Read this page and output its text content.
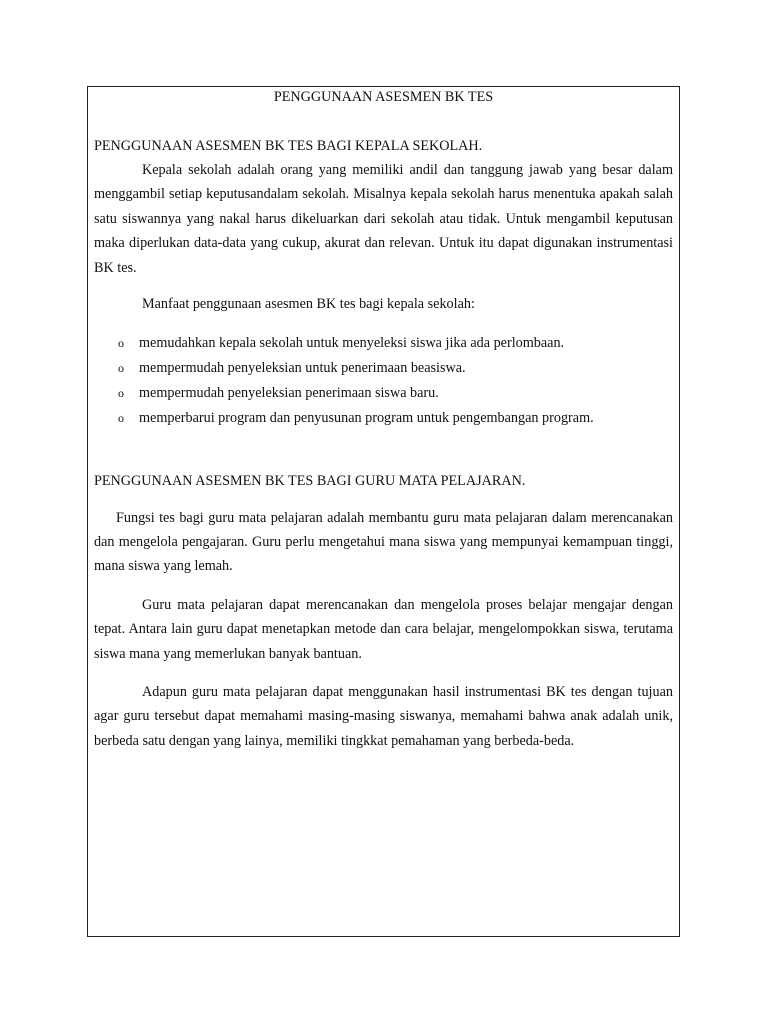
PENGGUNAAN ASESMEN BK TES
PENGGUNAAN ASESMEN BK TES BAGI KEPALA SEKOLAH.

Kepala sekolah adalah orang yang memiliki andil dan tanggung jawab yang besar dalam menggambil setiap keputusandalam sekolah. Misalnya kepala sekolah harus menentuka apakah salah satu siswannya yang nakal harus dikeluarkan dari sekolah atau tidak. Untuk mengambil keputusan maka diperlukan data-data yang cukup, akurat dan relevan. Untuk itu dapat digunakan instrumentasi BK tes.

Manfaat penggunaan asesmen BK tes bagi kepala sekolah:

o memudahkan kepala sekolah untuk menyeleksi siswa jika ada perlombaan.
o mempermudah penyeleksian untuk penerimaan beasiswa.
o mempermudah penyeleksian penerimaan siswa baru.
o memperbarui program dan penyusunan program untuk pengembangan program.
PENGGUNAAN ASESMEN BK TES BAGI GURU MATA PELAJARAN.

Fungsi tes bagi guru mata pelajaran adalah membantu guru mata pelajaran dalam merencanakan dan mengelola pengajaran. Guru perlu mengetahui mana siswa yang mempunyai kemampuan tinggi, mana siswa yang lemah.

Guru mata pelajaran dapat merencanakan dan mengelola proses belajar mengajar dengan tepat. Antara lain guru dapat menetapkan metode dan cara belajar, mengelompokkan siswa, terutama siswa mana yang memerlukan banyak bantuan.

Adapun guru mata pelajaran dapat menggunakan hasil instrumentasi BK tes dengan tujuan agar guru tersebut dapat memahami masing-masing siswanya, memahami bahwa anak adalah unik, berbeda satu dengan yang lainya, memiliki tingkkat pemahaman yang berbeda-beda.
